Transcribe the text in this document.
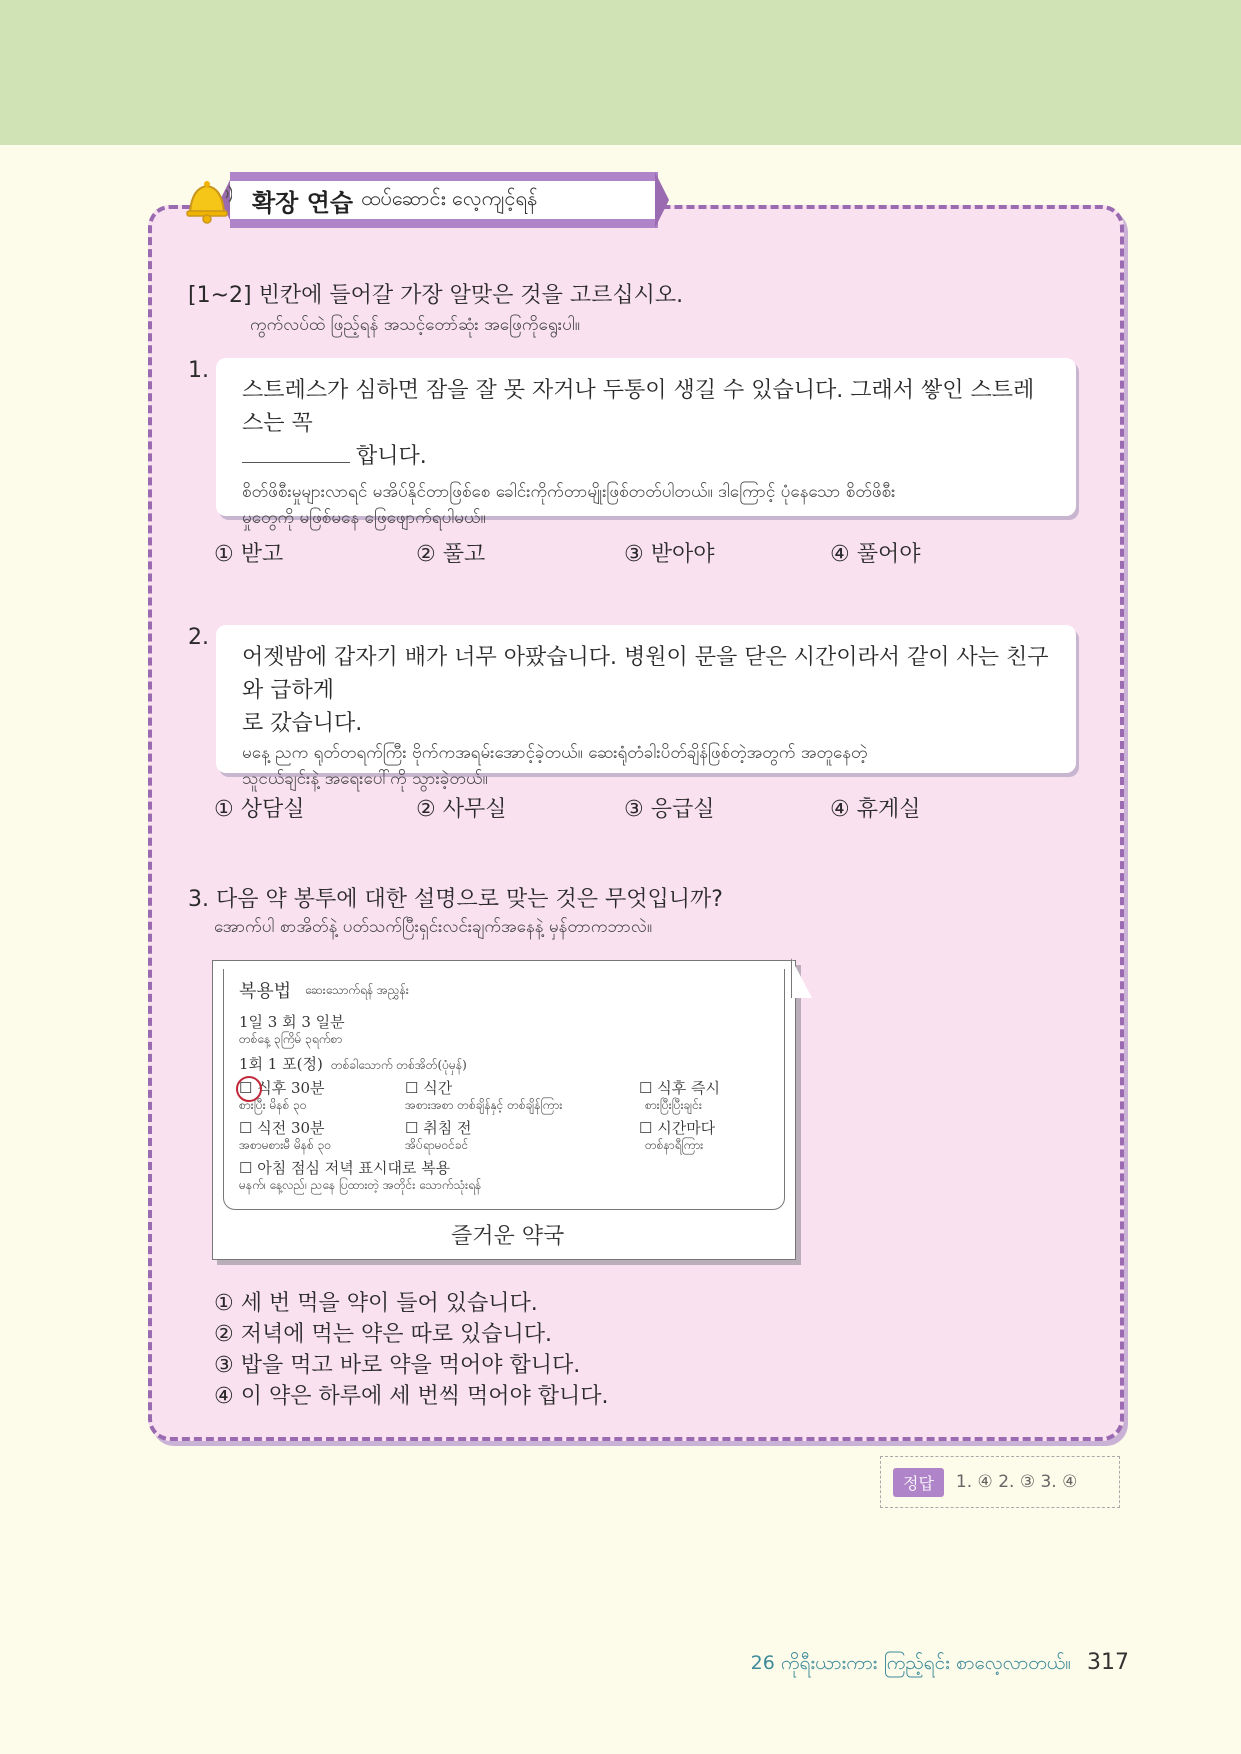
확장 연습 ထပ်ဆောင်း လေ့ကျင့်ရန်
[1~2] 빈칸에 들어갈 가장 알맞은 것을 고르십시오.
ကွက်လပ်ထဲ ဖြည့်ရန် အသင့်တော်ဆုံး အဖြေကိုရွေးပါ။
1.
스트레스가 심하면 잠을 잘 못 자거나 두통이 생길 수 있습니다. 그래서 쌓인 스트레스는 꼭
합니다.
စိတ်ဖိစီးမှုများလာရင် မအိပ်နိုင်တာဖြစ်စေ ခေါင်းကိုက်တာမျိုးဖြစ်တတ်ပါတယ်။ ဒါကြောင့် ပုံနေသော စိတ်ဖိစီး
မှုတွေကို မဖြစ်မနေ ဖြေဖျောက်ရပါမယ်။
① 받고	② 풀고	③ 받아야	④ 풀어야
2.
어젯밤에 갑자기 배가 너무 아팠습니다. 병원이 문을 닫은 시간이라서 같이 사는 친구와 급하게
로 갔습니다.
မနေ့ ညက ရုတ်တရက်ကြီး ဗိုက်ကအရမ်းအောင့်ခဲ့တယ်။ ဆေးရုံတံခါးပိတ်ချိန်ဖြစ်တဲ့အတွက် အတူနေတဲ့
သူငယ်ချင်းနဲ့ အရေးပေါ်ကို သွားခဲ့တယ်။
① 상담실	② 사무실	③ 응급실	④ 휴게실
3. 다음 약 봉투에 대한 설명으로 맞는 것은 무엇입니까?
အောက်ပါ စာအိတ်နဲ့ ပတ်သက်ပြီးရှင်းလင်းချက်အနေနဲ့ မှန်တာကဘာလဲ။
복용법 ဆေးသောက်ရန် အညွှန်း
1일 3 회 3 일분
တစ်နေ့ ၃ကြိမ် ၃ရက်စာ
1회 1 포(정) တစ်ခါသောက် တစ်အိတ်(ပုံမှန်)
☐ 식후 30분
စားပြီး မိနစ် ၃၀
☐ 식간
အစားအစာ တစ်ချိန်နှင့် တစ်ချိန်ကြား
☐ 식후 즉시
စားပြီးပြီးချင်း
☐ 식전 30분
အစာမစားမီ မိနစ် ၃၀
☐ 취침 전
အိပ်ရာမဝင်ခင်
☐ 시간마다
တစ်နာရီကြား
☐ 아침 점심 저녁 표시대로 복용
မနက်၊ နေ့လည်၊ ညနေ ပြထားတဲ့ အတိုင်း သောက်သုံးရန်
즐거운 약국
① 세 번 먹을 약이 들어 있습니다.
② 저녁에 먹는 약은 따로 있습니다.
③ 밥을 먹고 바로 약을 먹어야 합니다.
④ 이 약은 하루에 세 번씩 먹어야 합니다.
정답	1. ④ 2. ③ 3. ④
26 ကိုရီးယားကား ကြည့်ရင်း စာလေ့လာတယ်။ 317
